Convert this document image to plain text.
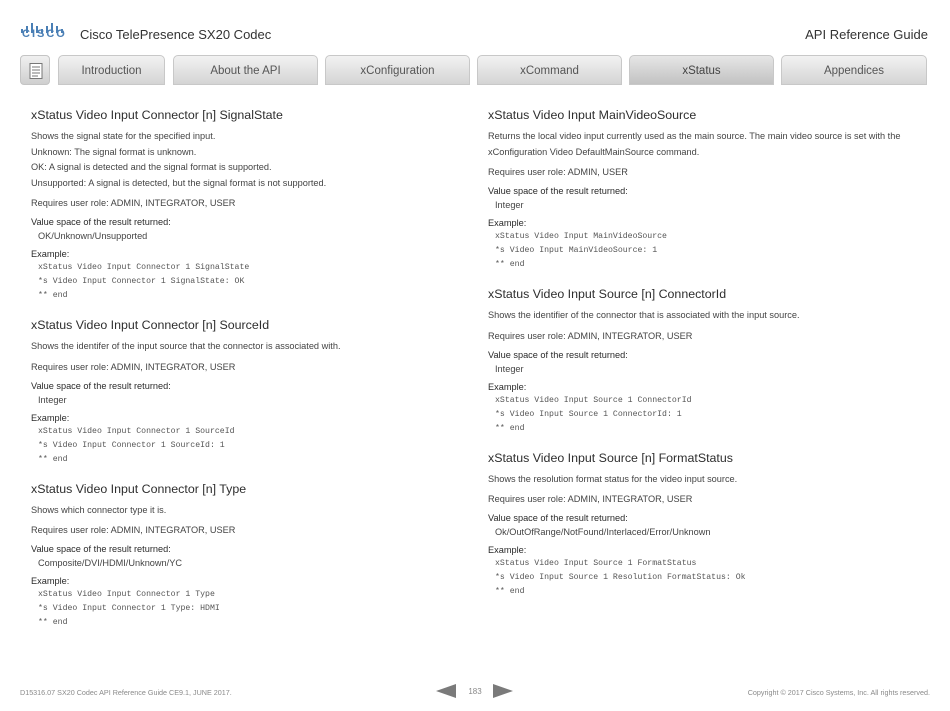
CISCO Cisco TelePresence SX20 Codec	API Reference Guide
Introduction	About the API	xConfiguration	xCommand	xStatus	Appendices
xStatus Video Input Connector [n] SignalState
Shows the signal state for the specified input.
Unknown: The signal format is unknown.
OK: A signal is detected and the signal format is supported.
Unsupported: A signal is detected, but the signal format is not supported.
Requires user role: ADMIN, INTEGRATOR, USER
Value space of the result returned:
OK/Unknown/Unsupported
Example:
xStatus Video Input Connector 1 SignalState
*s Video Input Connector 1 SignalState: OK
** end
xStatus Video Input Connector [n] SourceId
Shows the identifer of the input source that the connector is associated with.
Requires user role: ADMIN, INTEGRATOR, USER
Value space of the result returned:
Integer
Example:
xStatus Video Input Connector 1 SourceId
*s Video Input Connector 1 SourceId: 1
** end
xStatus Video Input Connector [n] Type
Shows which connector type it is.
Requires user role: ADMIN, INTEGRATOR, USER
Value space of the result returned:
Composite/DVI/HDMI/Unknown/YC
Example:
xStatus Video Input Connector 1 Type
*s Video Input Connector 1 Type: HDMI
** end
xStatus Video Input MainVideoSource
Returns the local video input currently used as the main source. The main video source is set with the xConfiguration Video DefaultMainSource command.
Requires user role: ADMIN, USER
Value space of the result returned:
Integer
Example:
xStatus Video Input MainVideoSource
*s Video Input MainVideoSource: 1
** end
xStatus Video Input Source [n] ConnectorId
Shows the identifier of the connector that is associated with the input source.
Requires user role: ADMIN, INTEGRATOR, USER
Value space of the result returned:
Integer
Example:
xStatus Video Input Source 1 ConnectorId
*s Video Input Source 1 ConnectorId: 1
** end
xStatus Video Input Source [n] FormatStatus
Shows the resolution format status for the video input source.
Requires user role: ADMIN, INTEGRATOR, USER
Value space of the result returned:
Ok/OutOfRange/NotFound/Interlaced/Error/Unknown
Example:
xStatus Video Input Source 1 FormatStatus
*s Video Input Source 1 Resolution FormatStatus: Ok
** end
D15316.07 SX20 Codec API Reference Guide CE9.1, JUNE 2017.	183	Copyright © 2017 Cisco Systems, Inc. All rights reserved.
